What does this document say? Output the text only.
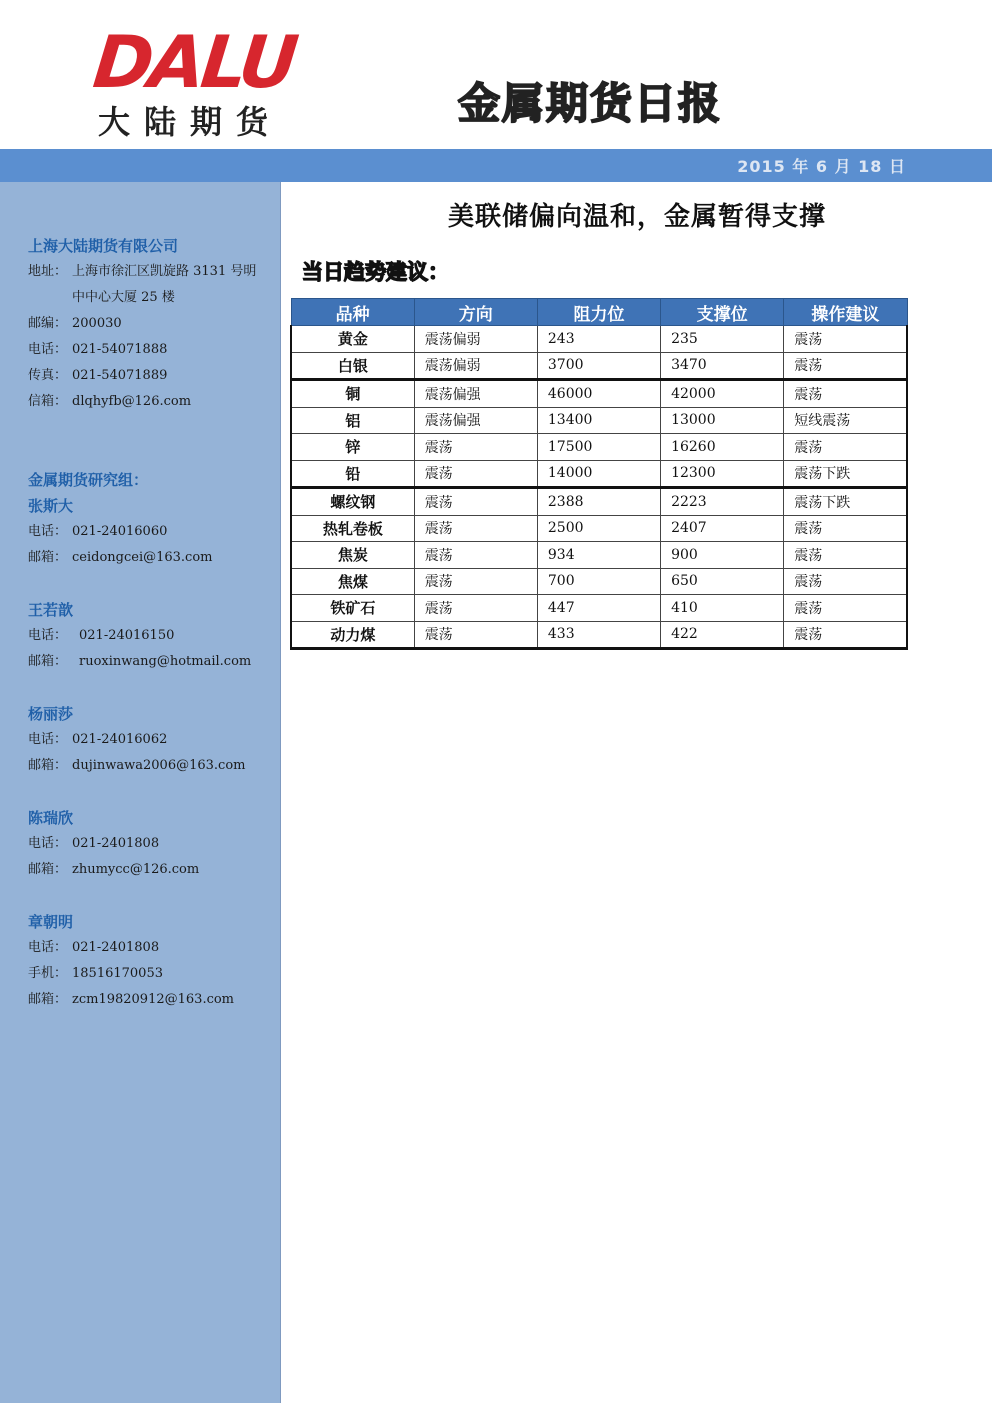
DALU
大陆期货	金属期货日报
2015 年 6 月 18 日
上海大陆期货有限公司
地址： 上海市徐汇区凯旋路 3131 号明
中中心大厦 25 楼
邮编： 200030
电话： 021-54071888
传真： 021-54071889
信箱： dlqhyfb@126.com
金属期货研究组：
张斯大
电话： 021-24016060
邮箱： ceidongcei@163.com
王若歆
电话： 021-24016150
邮箱： ruoxinwang@hotmail.com
杨丽莎
电话： 021-24016062
邮箱： dujinwawa2006@163.com
陈瑞欣
电话： 021-2401808
邮箱： zhumycc@126.com
章朝明
电话： 021-2401808
手机： 18516170053
邮箱： zcm19820912@163.com
美联储偏向温和，金属暂得支撑
当日趋势建议：
品种	方向	阻力位	支撑位	操作建议
黄金	震荡偏弱	243	235	震荡
白银	震荡偏弱	3700	3470	震荡
铜	震荡偏强	46000	42000	震荡
铝	震荡偏强	13400	13000	短线震荡
锌	震荡	17500	16260	震荡
铅	震荡	14000	12300	震荡下跌
螺纹钢	震荡	2388	2223	震荡下跌
热轧卷板	震荡	2500	2407	震荡
焦炭	震荡	934	900	震荡
焦煤	震荡	700	650	震荡
铁矿石	震荡	447	410	震荡
动力煤	震荡	433	422	震荡
